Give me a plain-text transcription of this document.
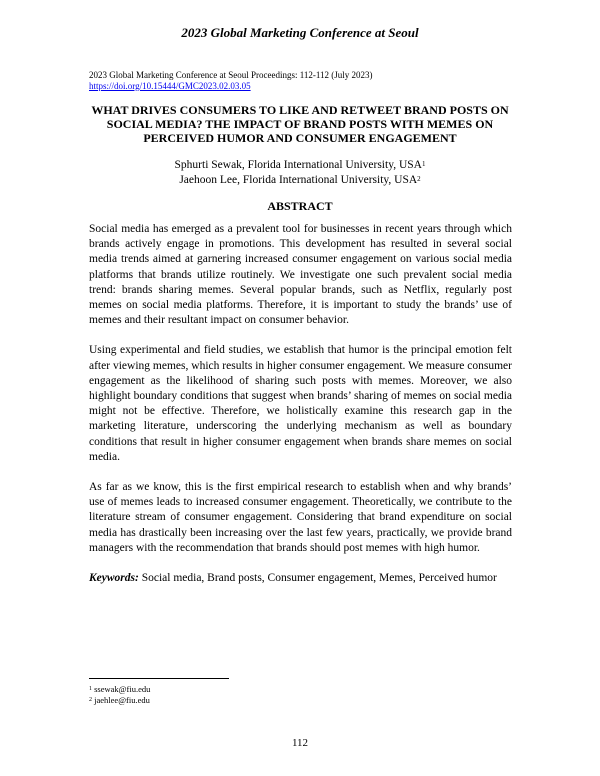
2023 Global Marketing Conference at Seoul
2023 Global Marketing Conference at Seoul Proceedings: 112-112 (July 2023)
https://doi.org/10.15444/GMC2023.02.03.05
WHAT DRIVES CONSUMERS TO LIKE AND RETWEET BRAND POSTS ON SOCIAL MEDIA? THE IMPACT OF BRAND POSTS WITH MEMES ON PERCEIVED HUMOR AND CONSUMER ENGAGEMENT
Sphurti Sewak, Florida International University, USA$^1$
Jaehoon Lee, Florida International University, USA$^2$
ABSTRACT

Social media has emerged as a prevalent tool for businesses in recent years through which brands actively engage in promotions. This development has resulted in several social media trends aimed at garnering increased consumer engagement on various social media platforms that brands utilize routinely. We investigate one such prevalent social media trend: brands sharing memes. Several popular brands, such as Netflix, regularly post memes on social media platforms. Therefore, it is important to study the brands’ use of memes and their resultant impact on consumer behavior.

Using experimental and field studies, we establish that humor is the principal emotion felt after viewing memes, which results in higher consumer engagement. We measure consumer engagement as the likelihood of sharing such posts with memes. Moreover, we also highlight boundary conditions that suggest when brands’ sharing of memes on social media might not be effective. Therefore, we holistically examine this research gap in the marketing literature, underscoring the underlying mechanism as well as boundary conditions that result in higher consumer engagement when brands share memes on social media.

As far as we know, this is the first empirical research to establish when and why brands’ use of memes leads to increased consumer engagement. Theoretically, we contribute to the literature stream of consumer engagement. Considering that brand expenditure on social media has drastically been increasing over the last few years, practically, we provide brand managers with the recommendation that brands should post memes with high humor.

Keywords: Social media, Brand posts, Consumer engagement, Memes, Perceived humor

$^1$ ssewak@fiu.edu
$^2$ jaehlee@fiu.edu
112
